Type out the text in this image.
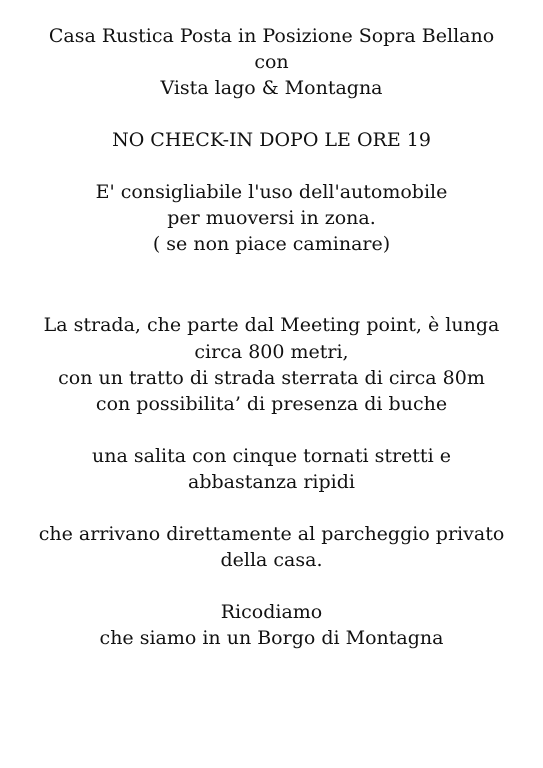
Casa Rustica Posta in Posizione Sopra Bellano
con
Vista lago & Montagna
NO CHECK-IN DOPO LE ORE 19
E' consigliabile l'uso dell'automobile
per muoversi in zona.
( se non piace caminare)
La strada, che parte dal Meeting point, è lunga
circa 800 metri,
con un tratto di strada sterrata di circa 80m
con possibilita’ di presenza di buche
una salita con cinque tornati stretti e
abbastanza ripidi
che arrivano direttamente al parcheggio privato
della casa.
Ricodiamo
che siamo in un Borgo di Montagna
